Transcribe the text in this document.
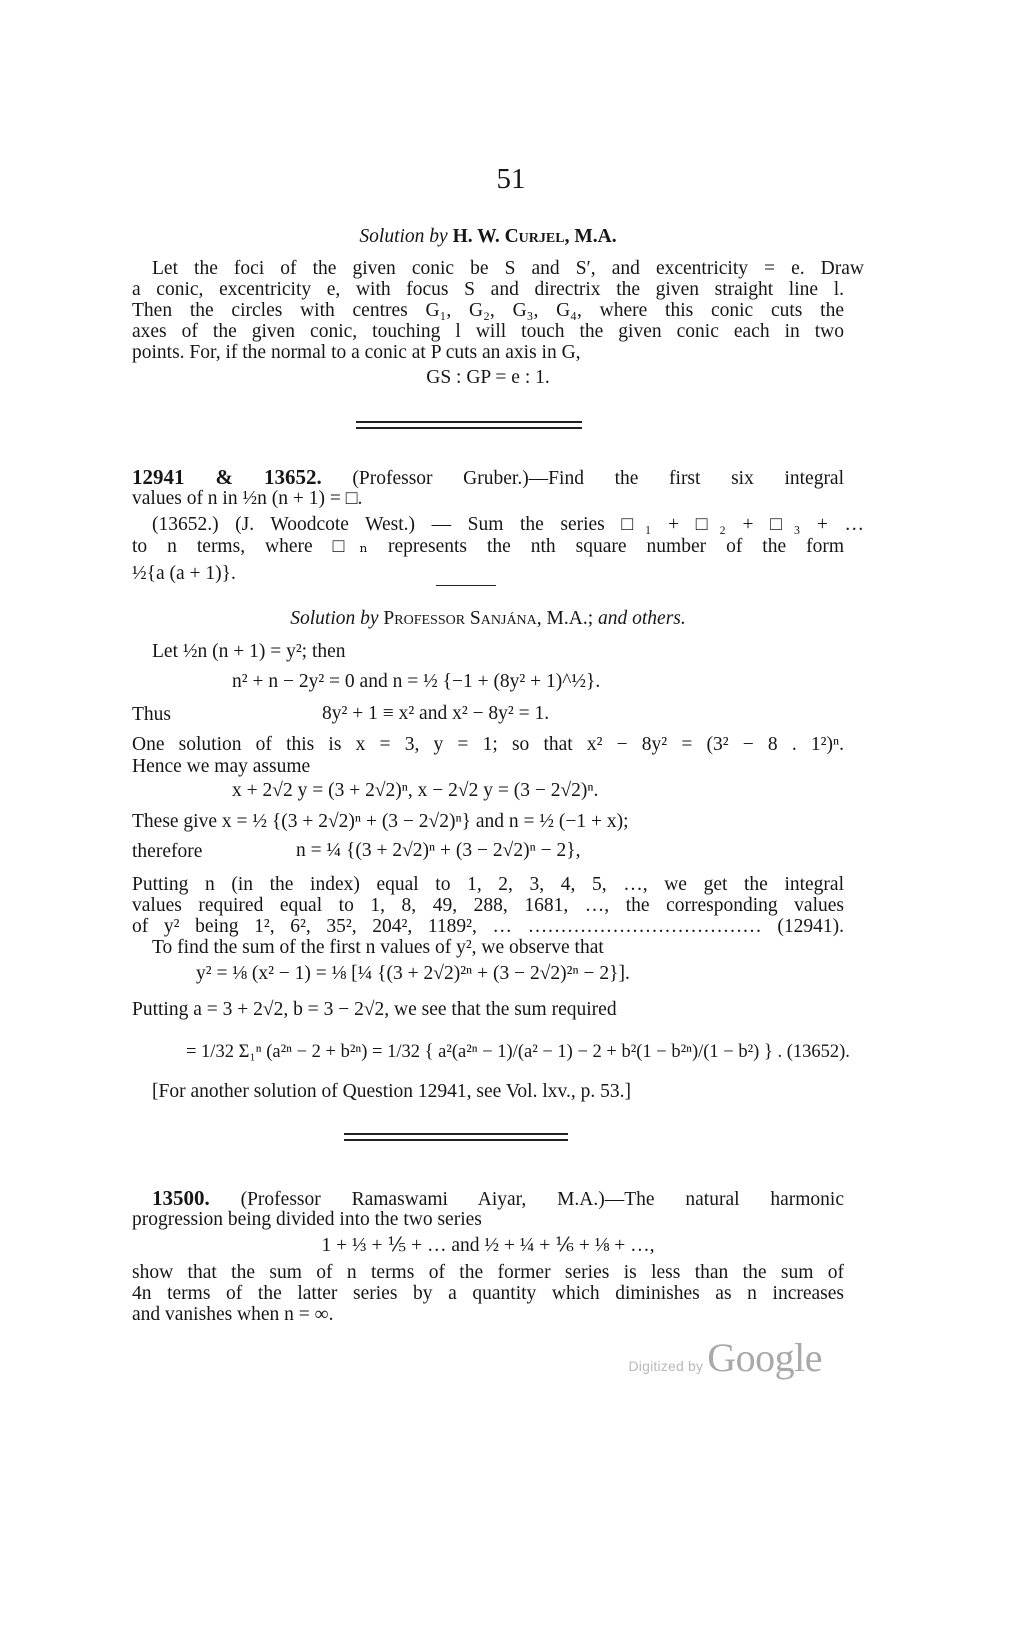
51
Solution by H. W. Curjel, M.A.
Let the foci of the given conic be S and S′, and excentricity = e. Draw
a conic, excentricity e, with focus S and directrix the given straight line l.
Then the circles with centres G₁, G₂, G₃, G₄, where this conic cuts the
axes of the given conic, touching l will touch the given conic each in two
points. For, if the normal to a conic at P cuts an axis in G,
GS : GP = e : 1.
12941 & 13652. (Professor Gruber.)—Find the first six integral
values of n in ½n (n + 1) = □.
(13652.) (J. Woodcote West.) — Sum the series □₁ + □₂ + □₃ + …
to n terms, where □ₙ represents the nth square number of the form
½{a (a + 1)}.
Solution by Professor Sanjána, M.A.; and others.
Let ½n (n + 1) = y²; then
n² + n − 2y² = 0 and n = ½ {−1 + (8y² + 1)^½}.
Thus	8y² + 1 ≡ x² and x² − 8y² = 1.
One solution of this is x = 3, y = 1; so that x² − 8y² = (3² − 8 . 1²)ⁿ.
Hence we may assume
x + 2√2 y = (3 + 2√2)ⁿ, x − 2√2 y = (3 − 2√2)ⁿ.
These give x = ½ {(3 + 2√2)ⁿ + (3 − 2√2)ⁿ} and n = ½ (−1 + x);
therefore	n = ¼ {(3 + 2√2)ⁿ + (3 − 2√2)ⁿ − 2},
Putting n (in the index) equal to 1, 2, 3, 4, 5, …, we get the integral
values required equal to 1, 8, 49, 288, 1681, …, the corresponding values
of y² being 1², 6², 35², 204², 1189², … ……………………………… (12941).
To find the sum of the first n values of y², we observe that
y² = ⅛ (x² − 1) = ⅛ [¼ {(3 + 2√2)²ⁿ + (3 − 2√2)²ⁿ − 2}].
Putting a = 3 + 2√2, b = 3 − 2√2, we see that the sum required
= 1/32 Σ₁ⁿ (a²ⁿ − 2 + b²ⁿ) = 1/32 { a²(a²ⁿ − 1)/(a² − 1) − 2 + b²(1 − b²ⁿ)/(1 − b²) } . (13652).
[For another solution of Question 12941, see Vol. lxv., p. 53.]
13500. (Professor Ramaswami Aiyar, M.A.)—The natural harmonic
progression being divided into the two series
1 + ⅓ + ⅕ + … and ½ + ¼ + ⅙ + ⅛ + …,
show that the sum of n terms of the former series is less than the sum of
4n terms of the latter series by a quantity which diminishes as n increases
and vanishes when n = ∞.
Digitized by Google
